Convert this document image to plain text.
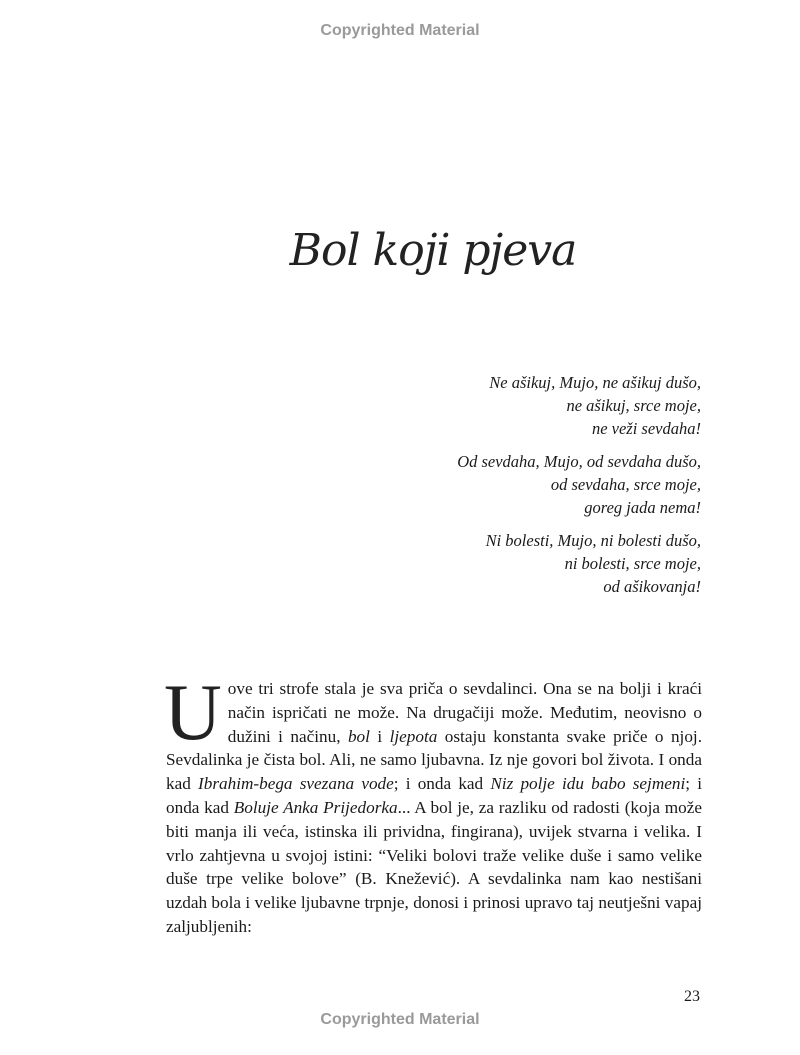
Copyrighted Material
Bol koji pjeva
Ne ašikuj, Mujo, ne ašikuj dušo,
ne ašikuj, srce moje,
ne veži sevdaha!
Od sevdaha, Mujo, od sevdaha dušo,
od sevdaha, srce moje,
goreg jada nema!
Ni bolesti, Mujo, ni bolesti dušo,
ni bolesti, srce moje,
od ašikovanja!

Uove tri strofe stala je sva priča o sevdalinci. Ona se na bolji i kraći način ispričati ne može. Na drugačiji može. Međutim, neovisno o dužini i načinu, bol i ljepota ostaju konstanta svake priče o njoj. Sevdalinka je čista bol. Ali, ne samo ljubavna. Iz nje govori bol života. I onda kad Ibrahim-bega svezana vode; i onda kad Niz polje idu babo sejmeni; i onda kad Boluje Anka Prijedorka... A bol je, za razliku od radosti (koja može biti manja ili veća, istinska ili prividna, fingirana), uvijek stvarna i velika. I vrlo zahtjevna u svojoj istini: “Veliki bolovi traže velike duše i samo velike duše trpe velike bolove” (B. Knežević). A sevdalinka nam kao nestišani uzdah bola i velike ljubavne trpnje, donosi i prinosi upravo taj neutješni vapaj zaljubljenih:

23
Copyrighted Material
